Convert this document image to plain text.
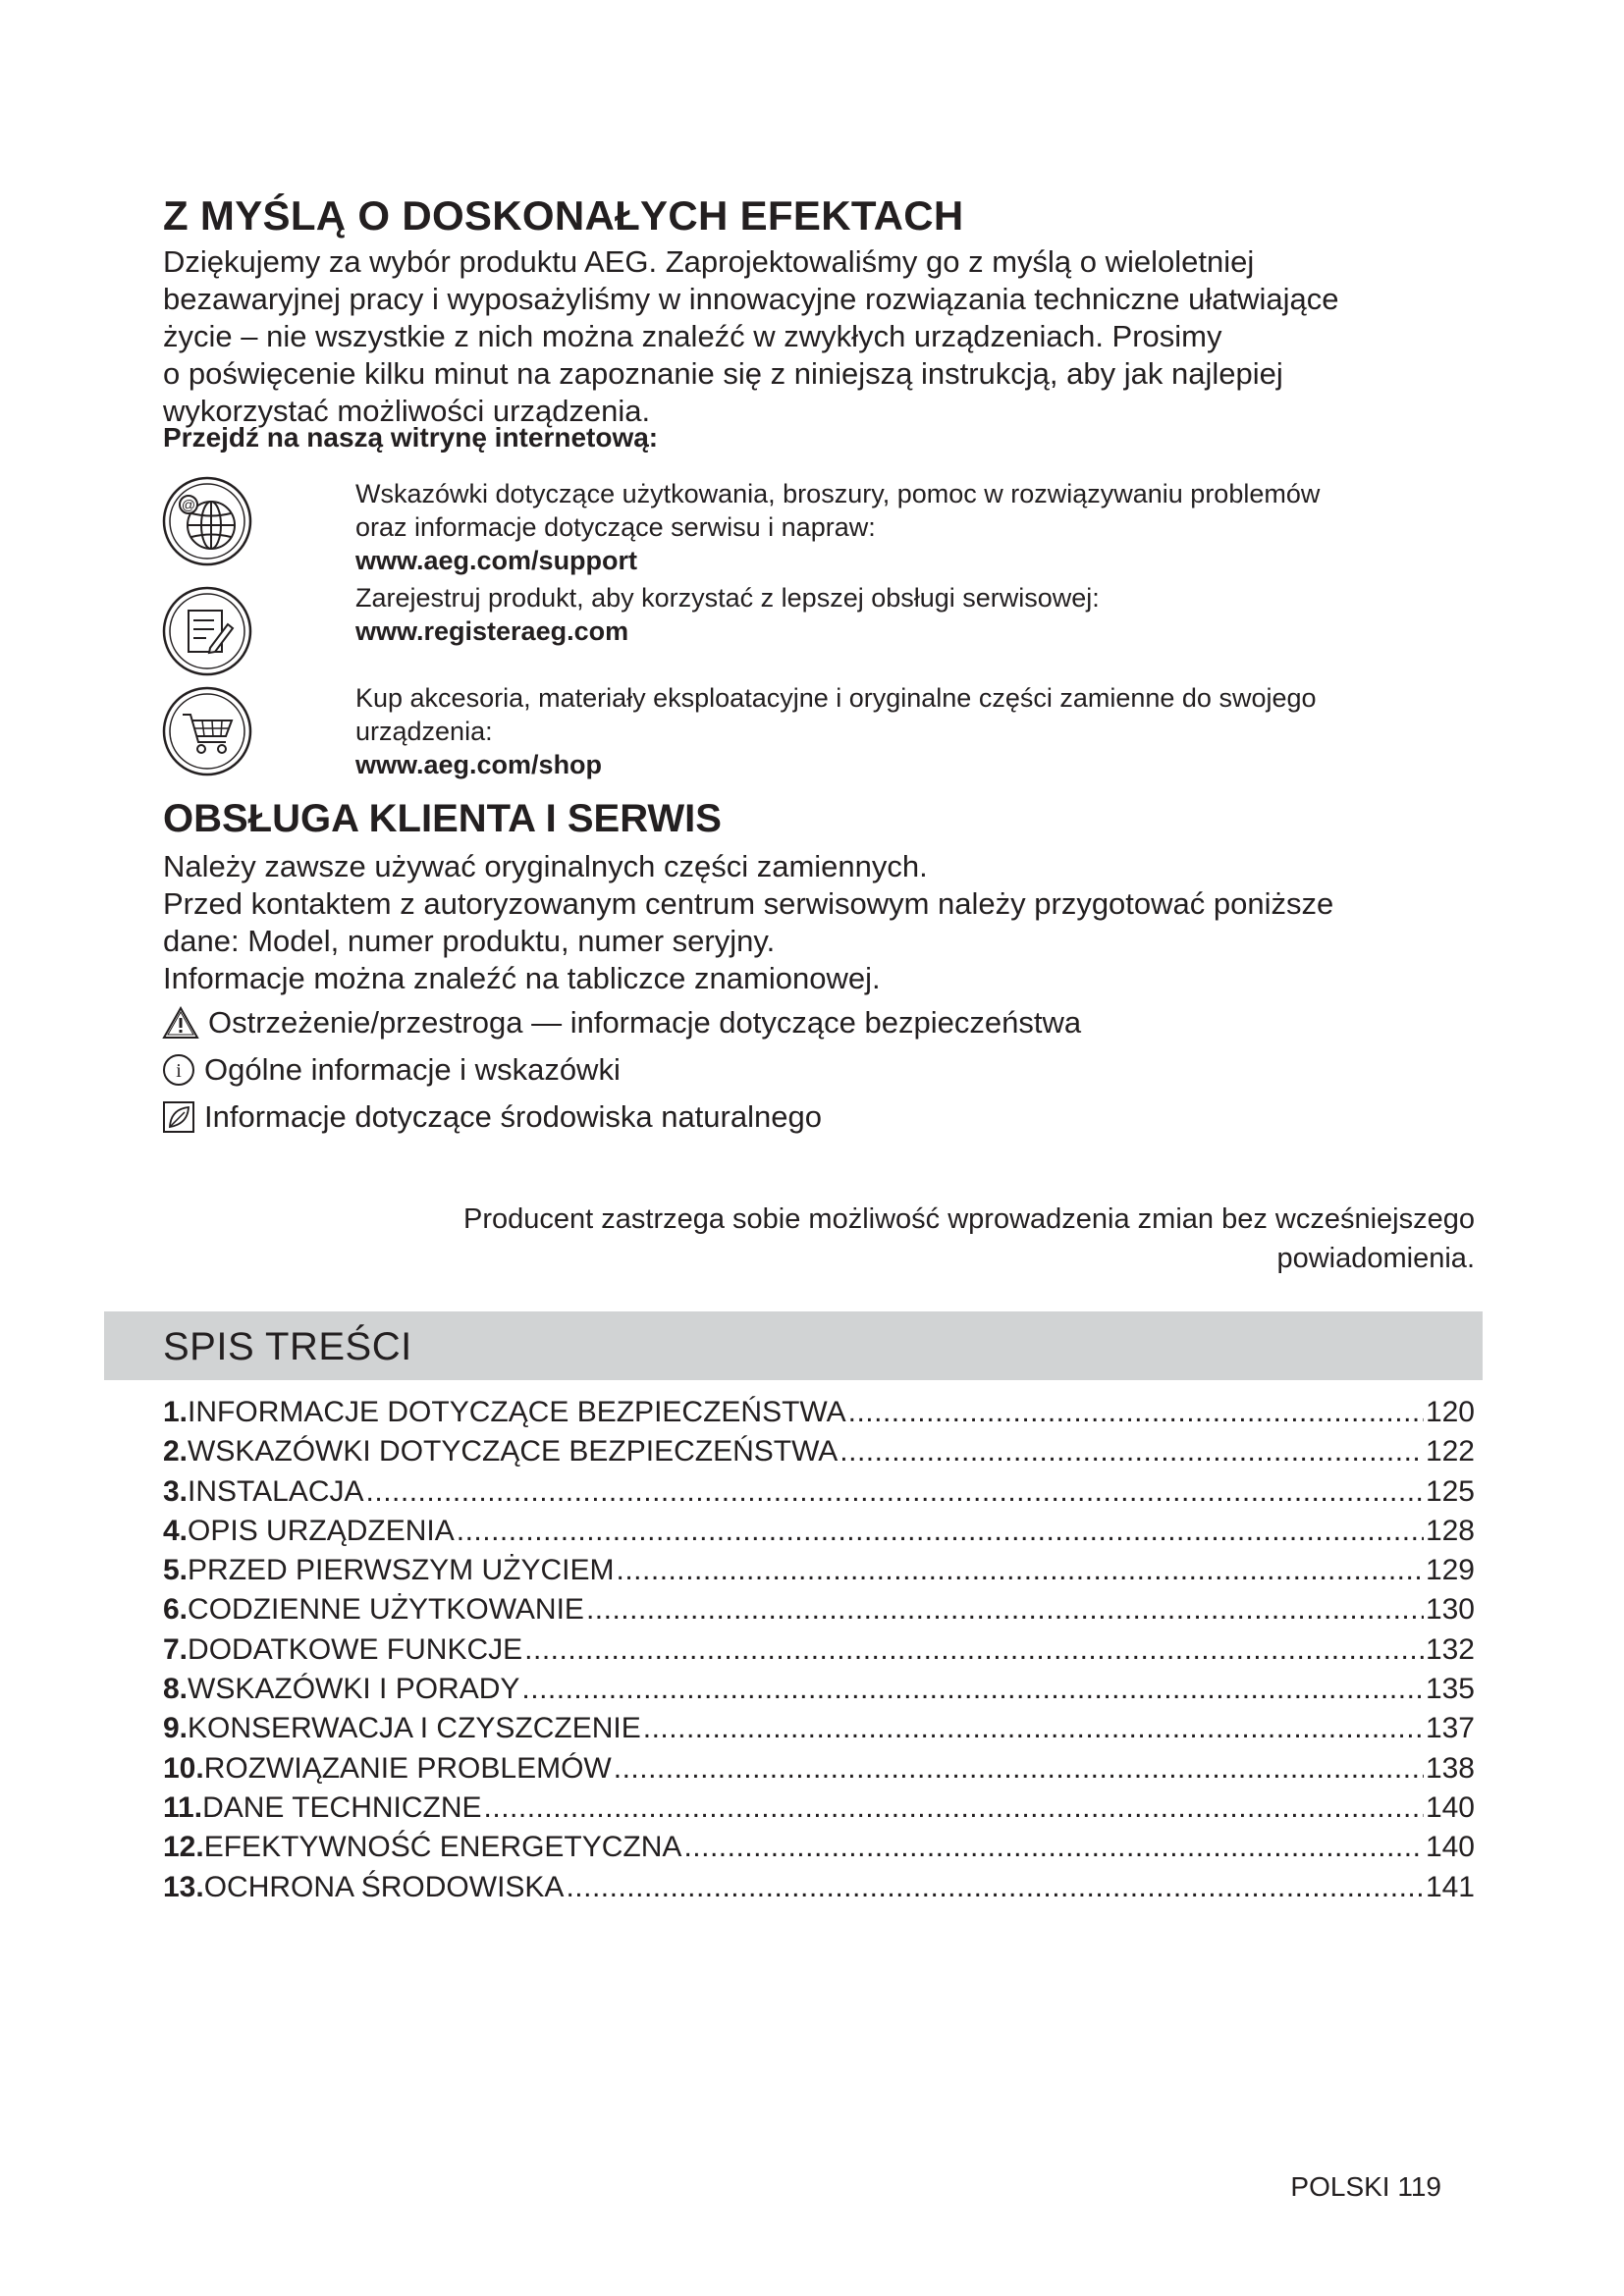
Z MYŚLĄ O DOSKONAŁYCH EFEKTACH

Dziękujemy za wybór produktu AEG. Zaprojektowaliśmy go z myślą o wieloletniej

bezawaryjnej pracy i wyposażyliśmy w innowacyjne rozwiązania techniczne ułatwiające

życie – nie wszystkie z nich można znaleźć w zwykłych urządzeniach. Prosimy

o poświęcenie kilku minut na zapoznanie się z niniejszą instrukcją, aby jak najlepiej

wykorzystać możliwości urządzenia.

Przejdź na naszą witrynę internetową:
@	Wskazówki dotyczące użytkowania, broszury, pomoc w rozwiązywaniu problemów
oraz informacje dotyczące serwisu i napraw:
www.aeg.com/support
Zarejestruj produkt, aby korzystać z lepszej obsługi serwisowej:
www.registeraeg.com
Kup akcesoria, materiały eksploatacyjne i oryginalne części zamienne do swojego
urządzenia:
www.aeg.com/shop
OBSŁUGA KLIENTA I SERWIS

Należy zawsze używać oryginalnych części zamiennych.

Przed kontaktem z autoryzowanym centrum serwisowym należy przygotować poniższe

dane: Model, numer produktu, numer seryjny.

Informacje można znaleźć na tabliczce znamionowej.

Ostrzeżenie/przestroga — informacje dotyczące bezpieczeństwa
i Ogólne informacje i wskazówki
Informacje dotyczące środowiska naturalnego
Producent zastrzega sobie możliwość wprowadzenia zmian bez wcześniejszego
powiadomienia.
SPIS TREŚCI
1. INFORMACJE DOTYCZĄCE BEZPIECZEŃSTWA .....	120
2. WSKAZÓWKI DOTYCZĄCE BEZPIECZEŃSTWA .....	122
3. INSTALACJA .....	125
4. OPIS URZĄDZENIA .....	128
5. PRZED PIERWSZYM UŻYCIEM .....	129
6. CODZIENNE UŻYTKOWANIE .....	130
7. DODATKOWE FUNKCJE .....	132
8. WSKAZÓWKI I PORADY .....	135
9. KONSERWACJA I CZYSZCZENIE .....	137
10. ROZWIĄZANIE PROBLEMÓW .....	138
11. DANE TECHNICZNE .....	140
12. EFEKTYWNOŚĆ ENERGETYCZNA .....	140
13. OCHRONA ŚRODOWISKA .....	141
POLSKI 119
